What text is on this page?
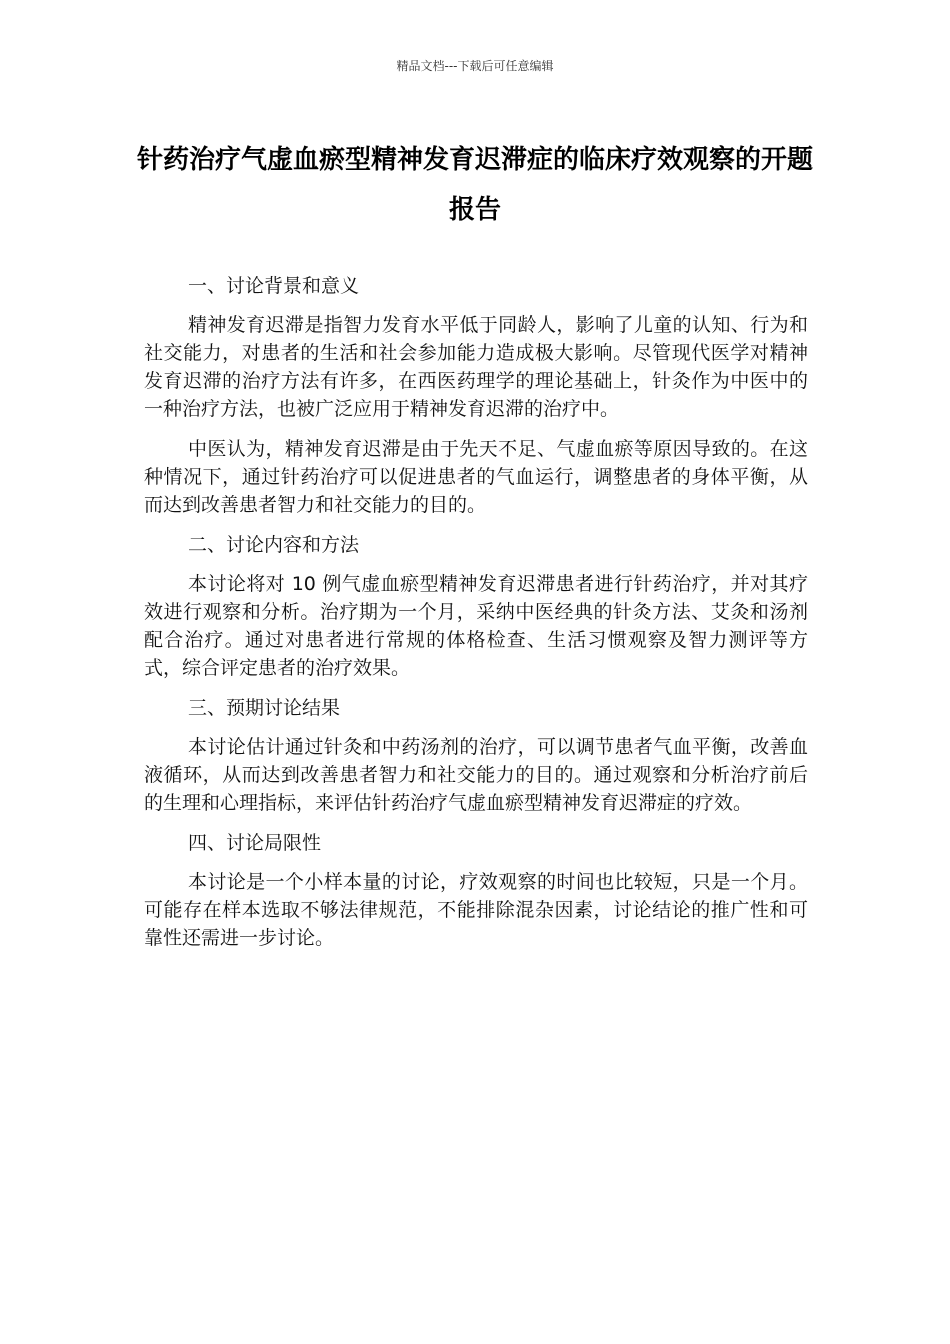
精品文档---下载后可任意编辑
针药治疗气虚血瘀型精神发育迟滞症的临床疗效观察的开题报告

一、讨论背景和意义

精神发育迟滞是指智力发育水平低于同龄人，影响了儿童的认知、行为和社交能力，对患者的生活和社会参加能力造成极大影响。尽管现代医学对精神发育迟滞的治疗方法有许多，在西医药理学的理论基础上，针灸作为中医中的一种治疗方法，也被广泛应用于精神发育迟滞的治疗中。

中医认为，精神发育迟滞是由于先天不足、气虚血瘀等原因导致的。在这种情况下，通过针药治疗可以促进患者的气血运行，调整患者的身体平衡，从而达到改善患者智力和社交能力的目的。

二、讨论内容和方法

本讨论将对 10 例气虚血瘀型精神发育迟滞患者进行针药治疗，并对其疗效进行观察和分析。治疗期为一个月，采纳中医经典的针灸方法、艾灸和汤剂配合治疗。通过对患者进行常规的体格检查、生活习惯观察及智力测评等方式，综合评定患者的治疗效果。

三、预期讨论结果

本讨论估计通过针灸和中药汤剂的治疗，可以调节患者气血平衡，改善血液循环，从而达到改善患者智力和社交能力的目的。通过观察和分析治疗前后的生理和心理指标，来评估针药治疗气虚血瘀型精神发育迟滞症的疗效。

四、讨论局限性

本讨论是一个小样本量的讨论，疗效观察的时间也比较短，只是一个月。可能存在样本选取不够法律规范，不能排除混杂因素，讨论结论的推广性和可靠性还需进一步讨论。
